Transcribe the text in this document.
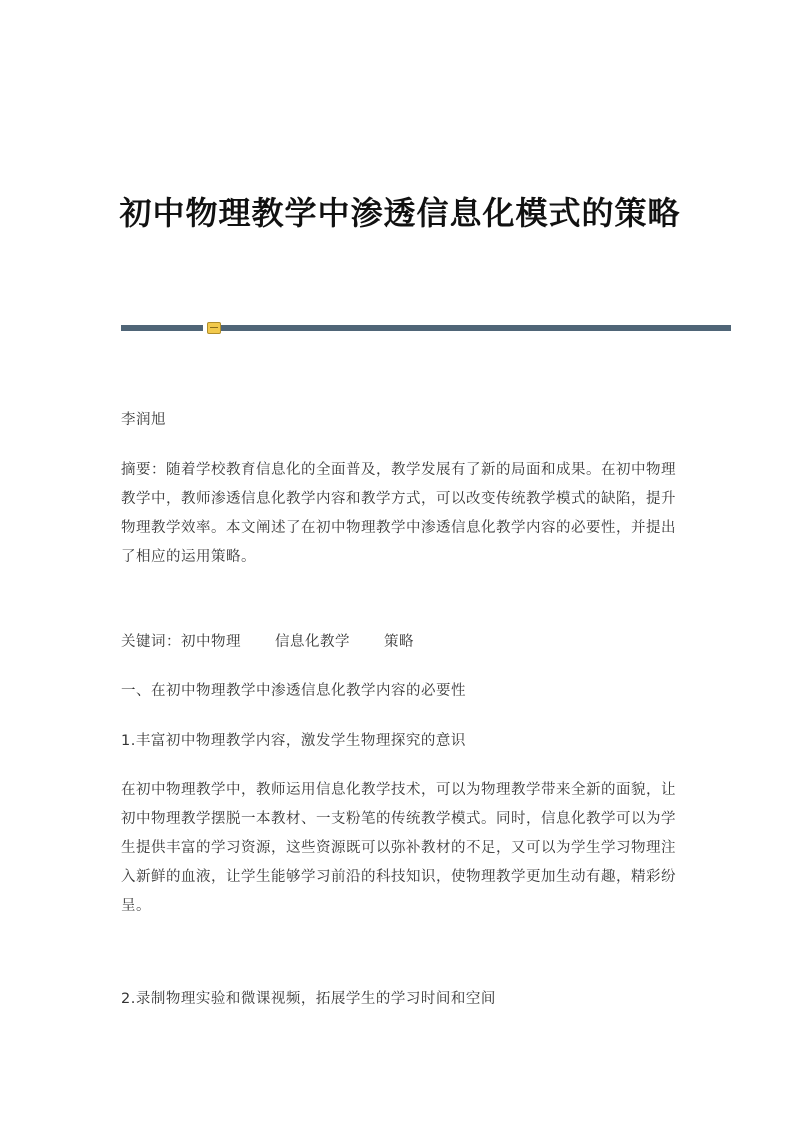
初中物理教学中渗透信息化模式的策略
李润旭
摘要：随着学校教育信息化的全面普及，教学发展有了新的局面和成果。在初中物理教学中，教师渗透信息化教学内容和教学方式，可以改变传统教学模式的缺陷，提升物理教学效率。本文阐述了在初中物理教学中渗透信息化教学内容的必要性，并提出了相应的运用策略。
关键词：初中物理 信息化教学 策略
一、在初中物理教学中渗透信息化教学内容的必要性
1.丰富初中物理教学内容，激发学生物理探究的意识
在初中物理教学中，教师运用信息化教学技术，可以为物理教学带来全新的面貌，让初中物理教学摆脱一本教材、一支粉笔的传统教学模式。同时，信息化教学可以为学生提供丰富的学习资源，这些资源既可以弥补教材的不足，又可以为学生学习物理注入新鲜的血液，让学生能够学习前沿的科技知识，使物理教学更加生动有趣，精彩纷呈。
2.录制物理实验和微课视频，拓展学生的学习时间和空间
